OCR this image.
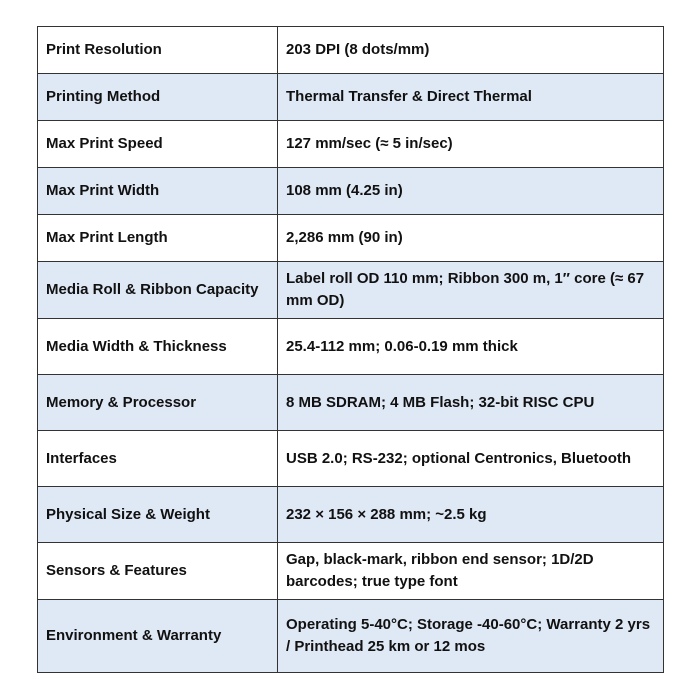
Print Resolution	203 DPI (8 dots/mm)
Printing Method	Thermal Transfer & Direct Thermal
Max Print Speed	127 mm/sec (≈ 5 in/sec)
Max Print Width	108 mm (4.25 in)
Max Print Length	2,286 mm (90 in)
Media Roll & Ribbon Capacity	Label roll OD 110 mm; Ribbon 300 m, 1″ core (≈ 67 mm OD)
Media Width & Thickness	25.4-112 mm; 0.06-0.19 mm thick
Memory & Processor	8 MB SDRAM; 4 MB Flash; 32-bit RISC CPU
Interfaces	USB 2.0; RS-232; optional Centronics, Bluetooth
Physical Size & Weight	232 × 156 × 288 mm; ~2.5 kg
Sensors & Features	Gap, black-mark, ribbon end sensor; 1D/2D barcodes; true type font
Environment & Warranty	Operating 5-40°C; Storage -40-60°C; Warranty 2 yrs / Printhead 25 km or 12 mos
